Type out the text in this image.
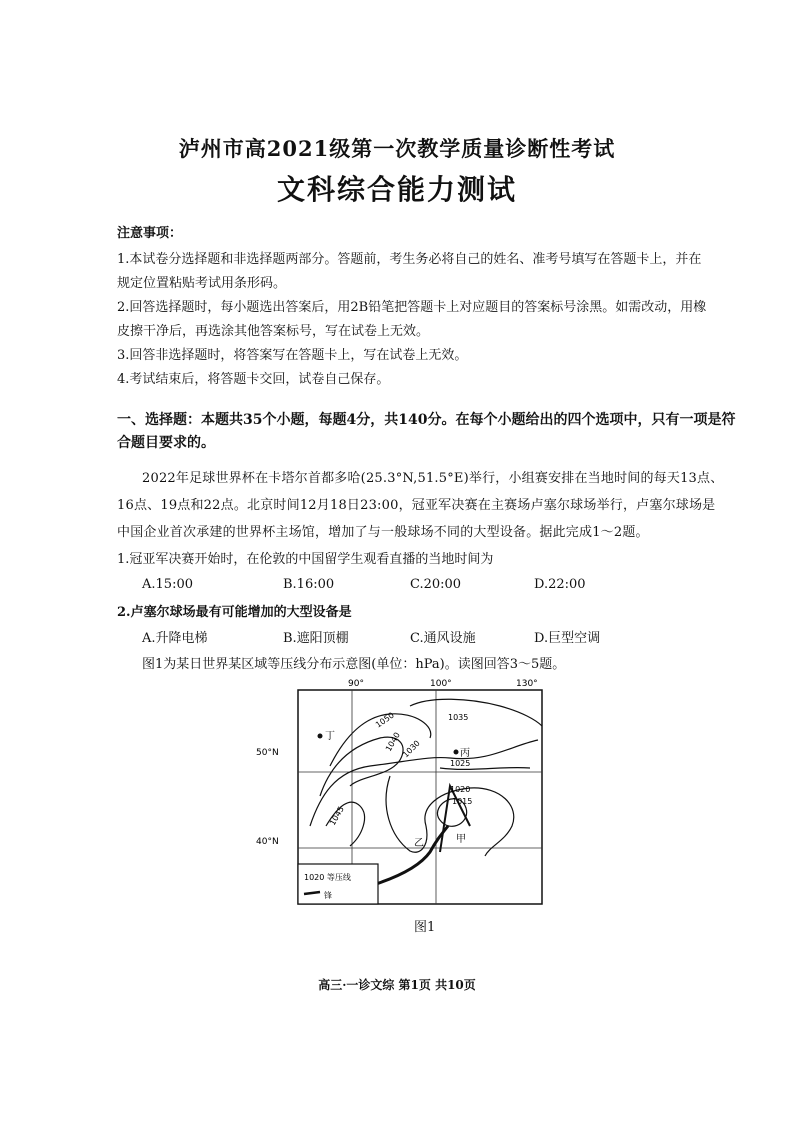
泸州市高2021级第一次教学质量诊断性考试
文科综合能力测试
注意事项：
1.本试卷分选择题和非选择题两部分。答题前，考生务必将自己的姓名、准考号填写在答题卡上，并在
规定位置粘贴考试用条形码。
2.回答选择题时，每小题选出答案后，用2B铅笔把答题卡上对应题目的答案标号涂黑。如需改动，用橡
皮擦干净后，再选涂其他答案标号，写在试卷上无效。
3.回答非选择题时，将答案写在答题卡上，写在试卷上无效。
4.考试结束后，将答题卡交回，试卷自己保存。
一、选择题：本题共35个小题，每题4分，共140分。在每个小题给出的四个选项中，只有一项是符
合题目要求的。
2022年足球世界杯在卡塔尔首都多哈(25.3°N,51.5°E)举行，小组赛安排在当地时间的每天13点、
16点、19点和22点。北京时间12月18日23:00，冠亚军决赛在主赛场卢塞尔球场举行，卢塞尔球场是
中国企业首次承建的世界杯主场馆，增加了与一般球场不同的大型设备。据此完成1～2题。
1.冠亚军决赛开始时，在伦敦的中国留学生观看直播的当地时间为
A.15:00	B.16:00	C.20:00	D.22:00
2.卢塞尔球场最有可能增加的大型设备是
A.升降电梯	B.遮阳顶棚	C.通风设施	D.巨型空调
图1为某日世界某区域等压线分布示意图(单位：hPa)。读图回答3～5题。
90°	100°	130°
50°N
40°N
1050
1040 1030
1035
1025
1020
1015
1045
丁
丙
乙	甲
1020 等压线
锋
图1
高三·一诊文综 第1页 共10页
